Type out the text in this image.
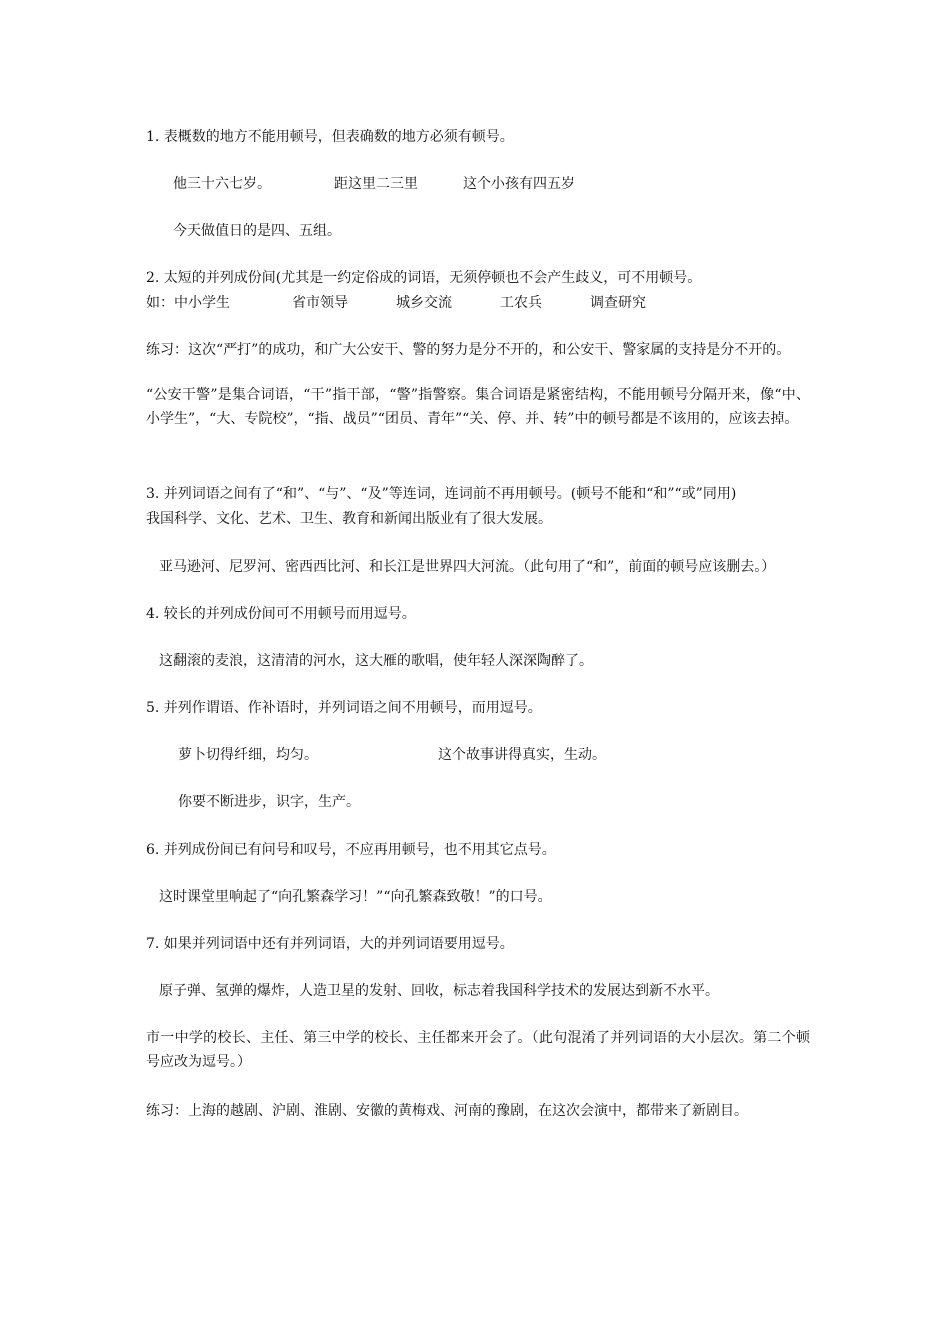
1. 表概数的地方不能用顿号，但表确数的地方必须有顿号。
他三十六七岁。	距这里二三里	这个小孩有四五岁
今天做值日的是四、五组。
2. 太短的并列成份间(尤其是一约定俗成的词语，无须停顿也不会产生歧义，可不用顿号。
如：中小学生	省市领导	城乡交流	工农兵	调查研究
练习：这次“严打”的成功，和广大公安干、警的努力是分不开的，和公安干、警家属的支持是分不开的。
“公安干警”是集合词语，“干”指干部，“警”指警察。集合词语是紧密结构，不能用顿号分隔开来，像“中、小学生”，“大、专院校”，“指、战员”“团员、青年”“关、停、并、转”中的顿号都是不该用的，应该去掉。
3. 并列词语之间有了“和”、“与”、“及”等连词，连词前不再用顿号。(顿号不能和“和”“或”同用)
我国科学、文化、艺术、卫生、教育和新闻出版业有了很大发展。
亚马逊河、尼罗河、密西西比河、和长江是世界四大河流。（此句用了“和”，前面的顿号应该删去。）
4. 较长的并列成份间可不用顿号而用逗号。
这翻滚的麦浪，这清清的河水，这大雁的歌唱，使年轻人深深陶醉了。
5. 并列作谓语、作补语时，并列词语之间不用顿号，而用逗号。
萝卜切得纤细，均匀。	这个故事讲得真实，生动。
你要不断进步，识字，生产。
6. 并列成份间已有问号和叹号，不应再用顿号，也不用其它点号。
这时课堂里响起了“向孔繁森学习！”“向孔繁森致敬！”的口号。
7. 如果并列词语中还有并列词语，大的并列词语要用逗号。
原子弹、氢弹的爆炸，人造卫星的发射、回收，标志着我国科学技术的发展达到新不水平。
市一中学的校长、主任、第三中学的校长、主任都来开会了。（此句混淆了并列词语的大小层次。第二个顿号应改为逗号。）
练习：上海的越剧、沪剧、淮剧、安徽的黄梅戏、河南的豫剧，在这次会演中，都带来了新剧目。
